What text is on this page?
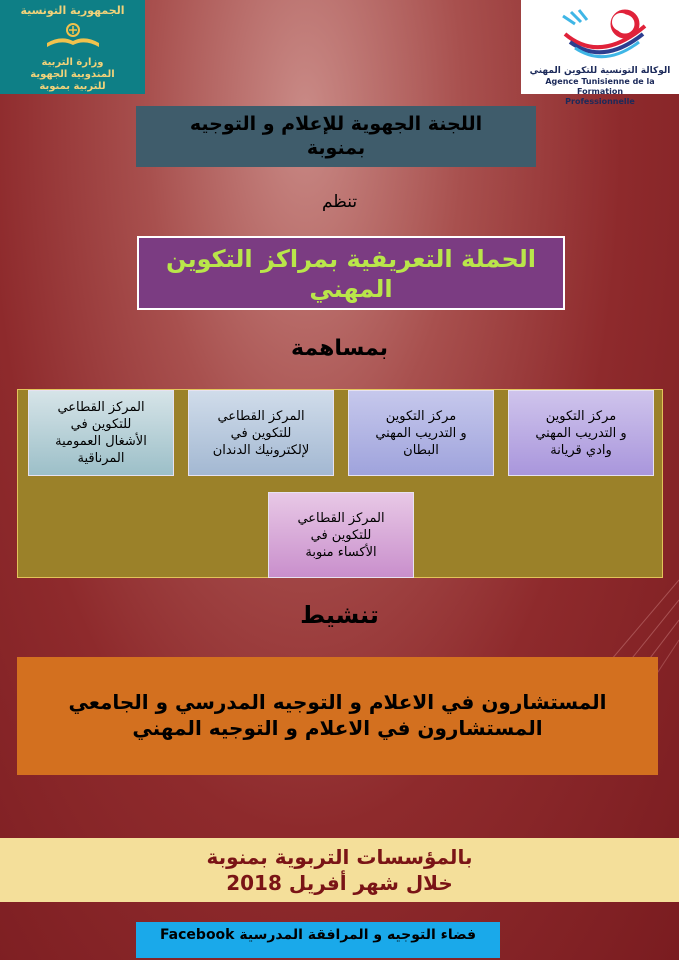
الجمهورية التونسية
وزارة التربية
المندوبية الجهوية
للتربية بمنوبة
الوكالة التونسية للتكوين المهني
Agence Tunisienne de la Formation
Professionnelle
اللجنة الجهوية للإعلام و التوجيه
بمنوبة
تنظم
الحملة التعريفية بمراكز التكوين
المهني
بمساهمة
مركز التكوين
و التدريب المهني
وادي قريانة
مركز التكوين
و التدريب المهني
البطان
المركز القطاعي
للتكوين في
لإلكترونيك الدندان
المركز القطاعي
للتكوين في
الأشغال العمومية المرناقية
المركز القطاعي
للتكوين في
الأكساء منوبة
تنشيط
المستشارون في الاعلام و التوجيه المدرسي و الجامعي
المستشارون في الاعلام و التوجيه المهني
بالمؤسسات التربوية بمنوبة
خلال شهر أفريل 2018
فضاء التوجيه و المرافقة المدرسية Facebook
